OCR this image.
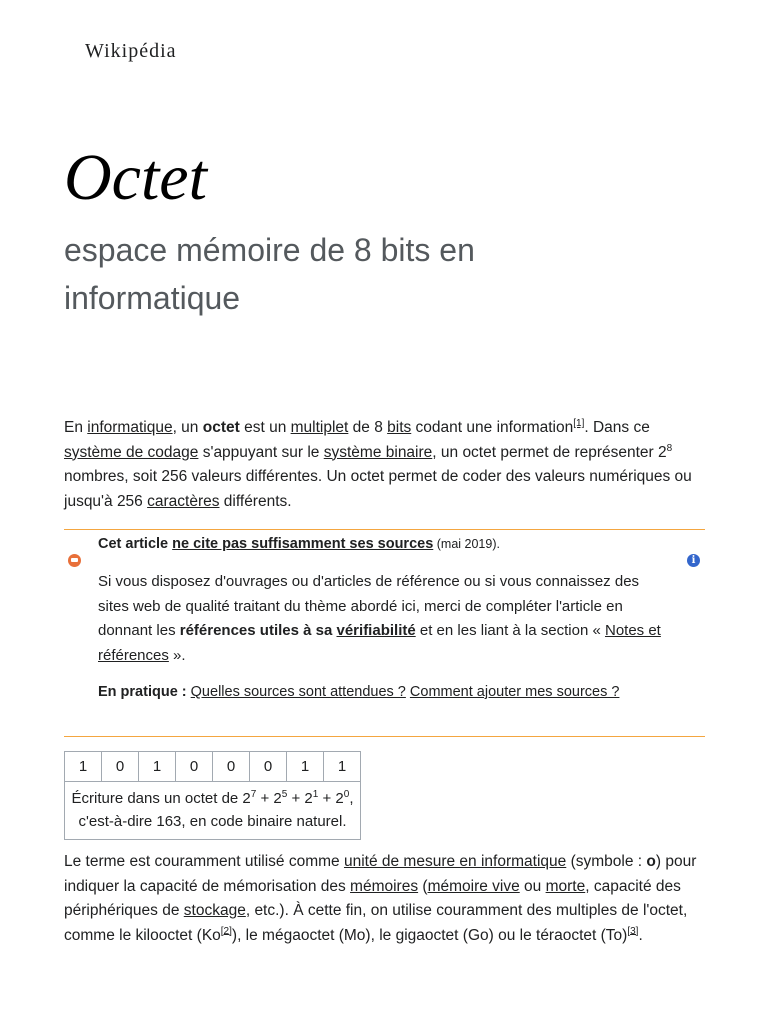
Wikipédia
Octet
espace mémoire de 8 bits en informatique

En informatique, un octet est un multiplet de 8 bits codant une information[1]. Dans ce système de codage s'appuyant sur le système binaire, un octet permet de représenter $2^8$ nombres, soit 256 valeurs différentes. Un octet permet de coder des valeurs numériques ou jusqu'à 256 caractères différents.

i

Cet article ne cite pas suffisamment ses sources (mai 2019).

Si vous disposez d'ouvrages ou d'articles de référence ou si vous connaissez des sites web de qualité traitant du thème abordé ici, merci de compléter l'article en donnant les références utiles à sa vérifiabilité et en les liant à la section « Notes et références ».

En pratique : Quelles sources sont attendues ? Comment ajouter mes sources ?

1	0	1	0	0	0	1	1
Écriture dans un octet de $2^7 + 2^5 + 2^1 + 2^0$,
c'est-à-dire 163, en code binaire naturel.

Le terme est couramment utilisé comme unité de mesure en informatique (symbole : o) pour indiquer la capacité de mémorisation des mémoires (mémoire vive ou morte, capacité des périphériques de stockage, etc.). À cette fin, on utilise couramment des multiples de l'octet, comme le kilooctet (Ko[2]), le mégaoctet (Mo), le gigaoctet (Go) ou le téraoctet (To)[3].
